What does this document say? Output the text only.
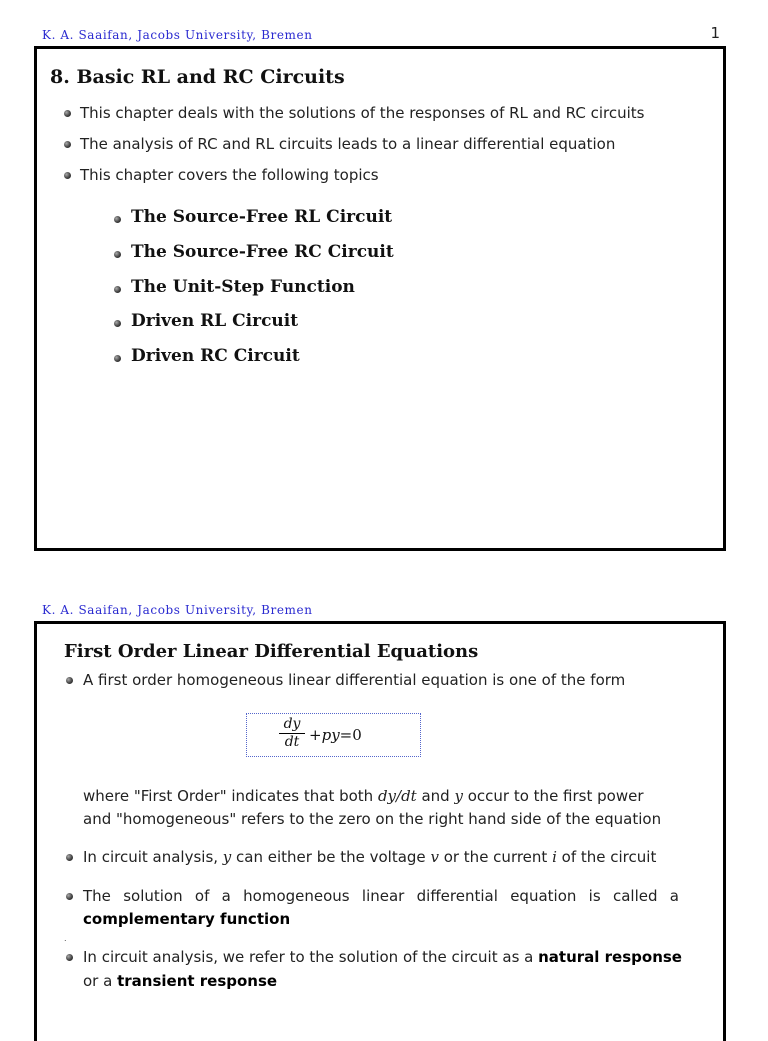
K. A. Saaifan, Jacobs University, Bremen	1
8. Basic RL and RC Circuits
This chapter deals with the solutions of the responses of RL and RC circuits
The analysis of RC and RL circuits leads to a linear differential equation
This chapter covers the following topics
The Source-Free RL Circuit
The Source-Free RC Circuit
The Unit-Step Function
Driven RL Circuit
Driven RC Circuit
K. A. Saaifan, Jacobs University, Bremen
First Order Linear Differential Equations
A first order homogeneous linear differential equation is one of the form
dy
dt +py=0
where "First Order" indicates that both dy/dt and y occur to the first power
and "homogeneous" refers to the zero on the right hand side of the equation
In circuit analysis, y can either be the voltage v or the current i of the circuit
The solution of a homogeneous linear differential equation is called a
complementary function
.
In circuit analysis, we refer to the solution of the circuit as a natural response
or a transient response
